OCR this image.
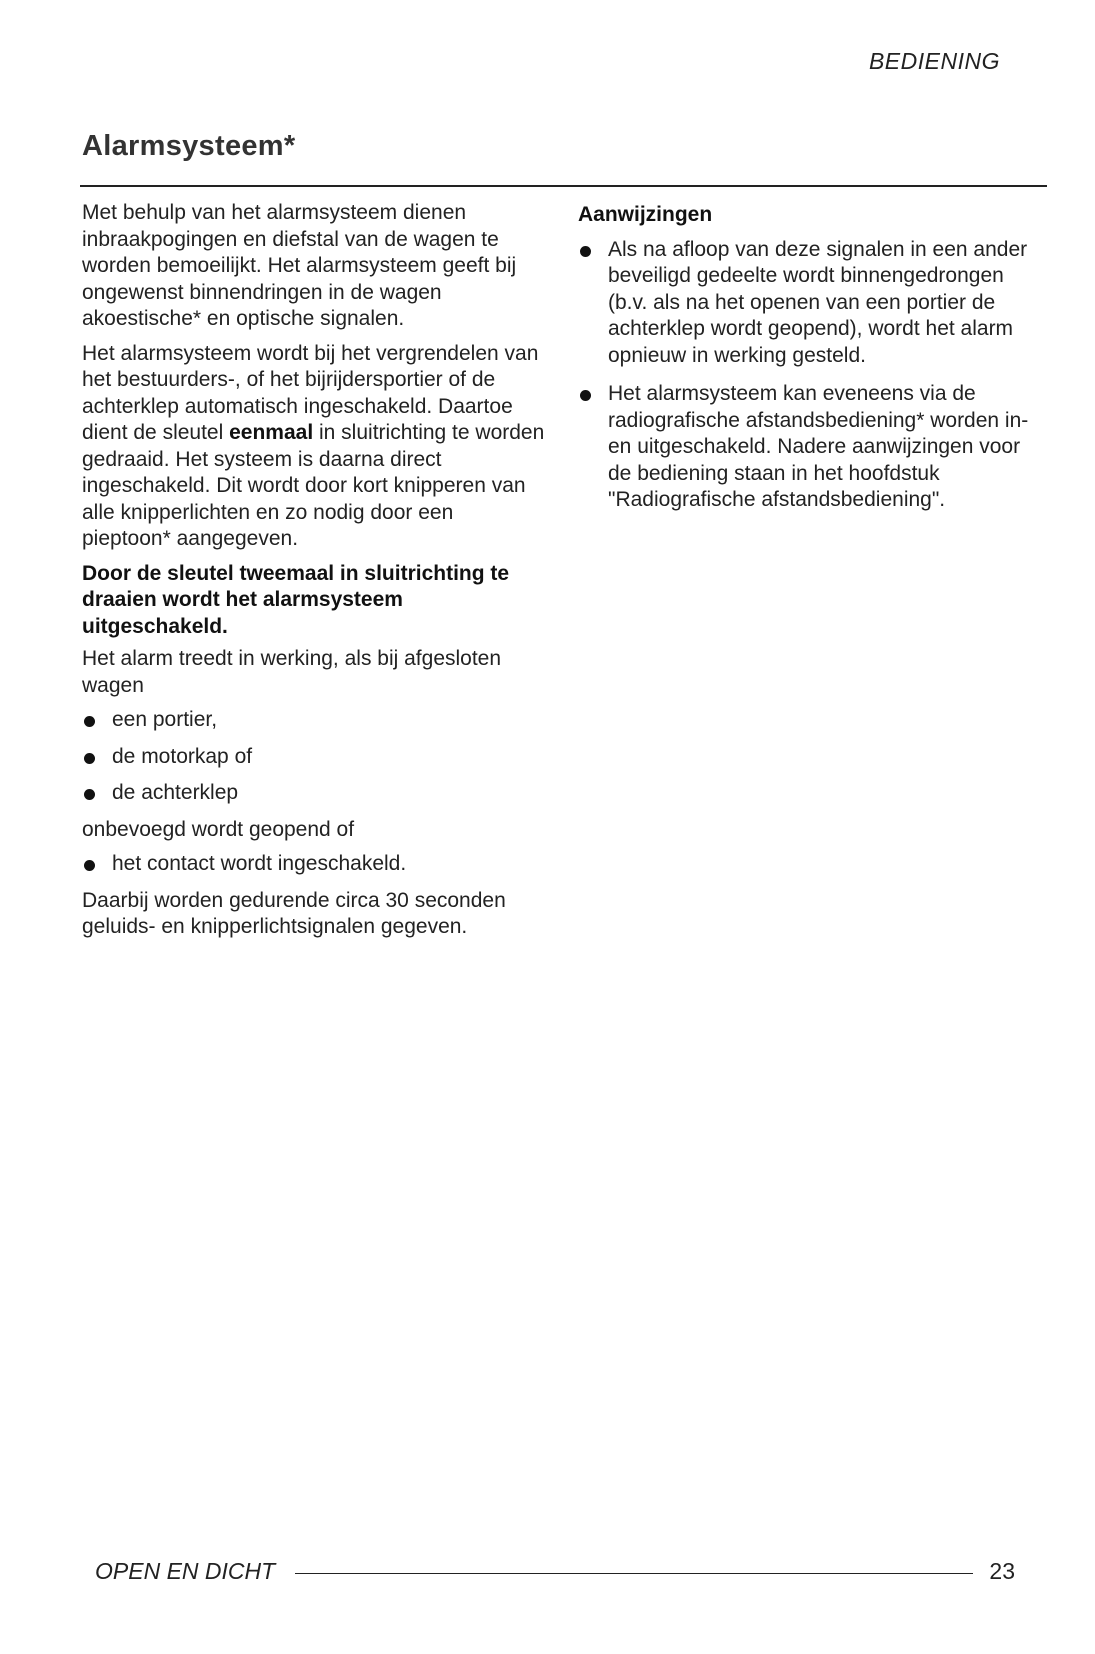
BEDIENING
Alarmsysteem*

Met behulp van het alarmsysteem dienen inbraakpogingen en diefstal van de wagen te worden bemoeilijkt. Het alarmsysteem geeft bij ongewenst binnendringen in de wagen akoestische* en optische signalen.

Het alarmsysteem wordt bij het vergrendelen van het bestuurders-, of het bijrijdersportier of de achterklep automatisch ingeschakeld. Daartoe dient de sleutel eenmaal in sluitrichting te worden gedraaid. Het systeem is daarna direct ingeschakeld. Dit wordt door kort knipperen van alle knipperlichten en zo nodig door een pieptoon* aangegeven.

Door de sleutel tweemaal in sluitrichting te draaien wordt het alarmsysteem uitgeschakeld.

Het alarm treedt in werking, als bij afgesloten wagen

een portier,
de motorkap of
de achterklep

onbevoegd wordt geopend of

het contact wordt ingeschakeld.

Daarbij worden gedurende circa 30 seconden geluids- en knipperlichtsignalen gegeven.

Aanwijzingen
Als na afloop van deze signalen in een ander beveiligd gedeelte wordt binnengedrongen (b.v. als na het openen van een portier de achterklep wordt geopend), wordt het alarm opnieuw in werking gesteld.
Het alarmsysteem kan eveneens via de radiografische afstandsbediening* worden in- en uitgeschakeld. Nadere aanwijzingen voor de bediening staan in het hoofdstuk "Radiografische afstandsbediening".
OPEN EN DICHT	23
